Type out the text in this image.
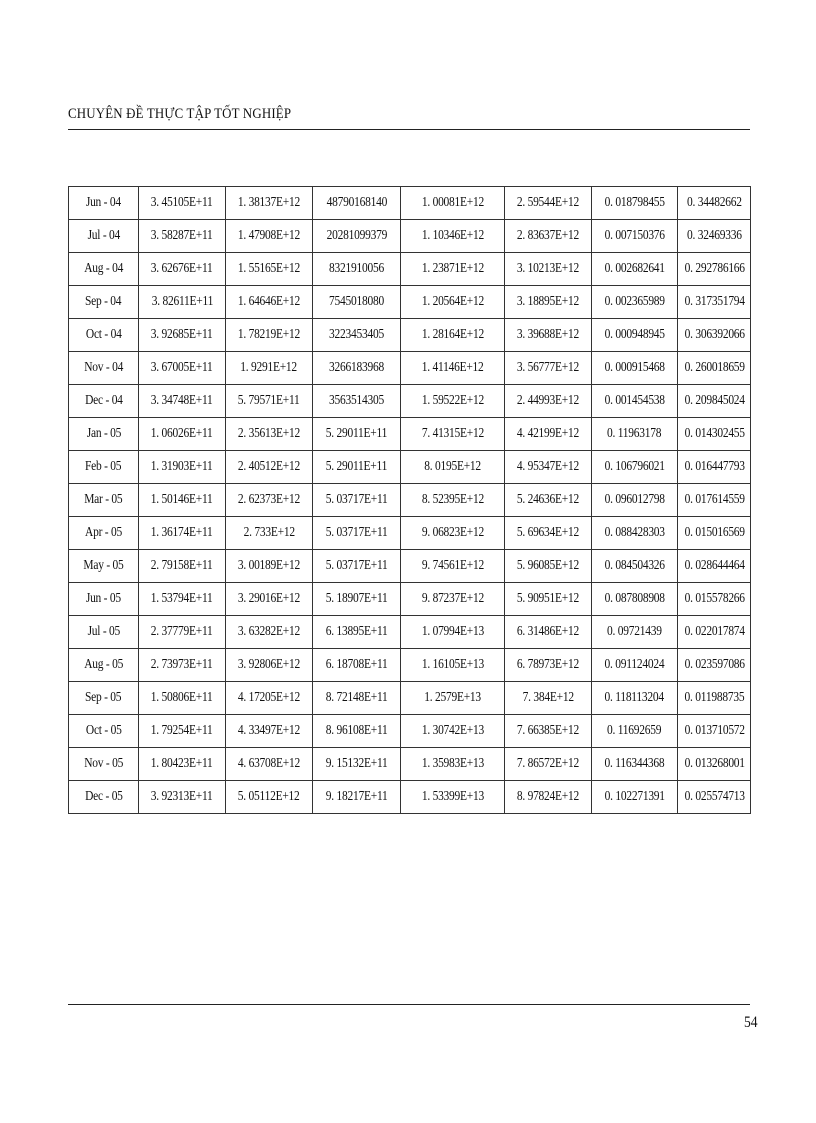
CHUYÊN ĐỀ THỰC TẬP TỐT NGHIỆP
Jun - 04	3. 45105E+11	1. 38137E+12	48790168140	1. 00081E+12	2. 59544E+12	0. 018798455	0. 34482662
Jul - 04	3. 58287E+11	1. 47908E+12	20281099379	1. 10346E+12	2. 83637E+12	0. 007150376	0. 32469336
Aug - 04	3. 62676E+11	1. 55165E+12	8321910056	1. 23871E+12	3. 10213E+12	0. 002682641	0. 292786166
Sep - 04	3. 82611E+11	1. 64646E+12	7545018080	1. 20564E+12	3. 18895E+12	0. 002365989	0. 317351794
Oct - 04	3. 92685E+11	1. 78219E+12	3223453405	1. 28164E+12	3. 39688E+12	0. 000948945	0. 306392066
Nov - 04	3. 67005E+11	1. 9291E+12	3266183968	1. 41146E+12	3. 56777E+12	0. 000915468	0. 260018659
Dec - 04	3. 34748E+11	5. 79571E+11	3563514305	1. 59522E+12	2. 44993E+12	0. 001454538	0. 209845024
Jan - 05	1. 06026E+11	2. 35613E+12	5. 29011E+11	7. 41315E+12	4. 42199E+12	0. 11963178	0. 014302455
Feb - 05	1. 31903E+11	2. 40512E+12	5. 29011E+11	8. 0195E+12	4. 95347E+12	0. 106796021	0. 016447793
Mar - 05	1. 50146E+11	2. 62373E+12	5. 03717E+11	8. 52395E+12	5. 24636E+12	0. 096012798	0. 017614559
Apr - 05	1. 36174E+11	2. 733E+12	5. 03717E+11	9. 06823E+12	5. 69634E+12	0. 088428303	0. 015016569
May - 05	2. 79158E+11	3. 00189E+12	5. 03717E+11	9. 74561E+12	5. 96085E+12	0. 084504326	0. 028644464
Jun - 05	1. 53794E+11	3. 29016E+12	5. 18907E+11	9. 87237E+12	5. 90951E+12	0. 087808908	0. 015578266
Jul - 05	2. 37779E+11	3. 63282E+12	6. 13895E+11	1. 07994E+13	6. 31486E+12	0. 09721439	0. 022017874
Aug - 05	2. 73973E+11	3. 92806E+12	6. 18708E+11	1. 16105E+13	6. 78973E+12	0. 091124024	0. 023597086
Sep - 05	1. 50806E+11	4. 17205E+12	8. 72148E+11	1. 2579E+13	7. 384E+12	0. 118113204	0. 011988735
Oct - 05	1. 79254E+11	4. 33497E+12	8. 96108E+11	1. 30742E+13	7. 66385E+12	0. 11692659	0. 013710572
Nov - 05	1. 80423E+11	4. 63708E+12	9. 15132E+11	1. 35983E+13	7. 86572E+12	0. 116344368	0. 013268001
Dec - 05	3. 92313E+11	5. 05112E+12	9. 18217E+11	1. 53399E+13	8. 97824E+12	0. 102271391	0. 025574713
54
